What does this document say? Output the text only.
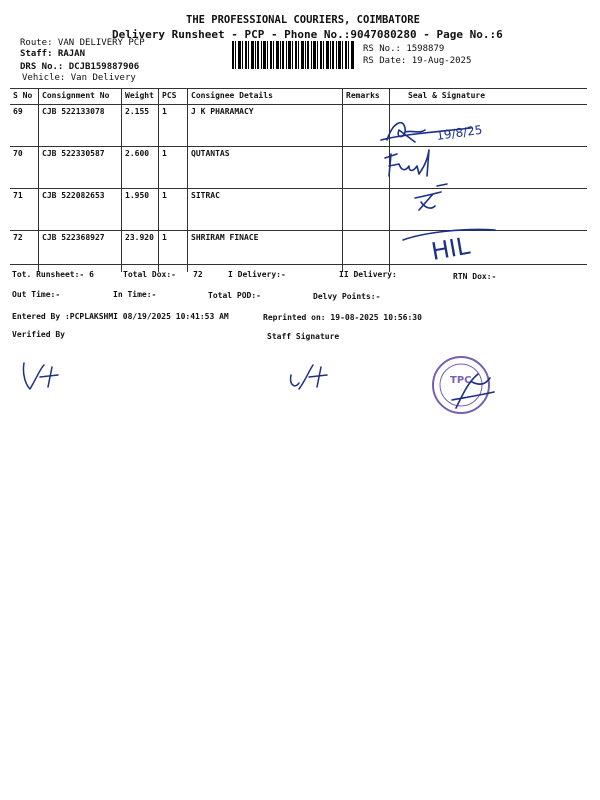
THE PROFESSIONAL COURIERS, COIMBATORE
Delivery Runsheet - PCP - Phone No.:9047080280 - Page No.:6
Route: VAN DELIVERY PCP
Staff: RAJAN
DRS No.: DCJB159887906
Vehicle: Van Delivery
RS No.: 1598879
RS Date: 19-Aug-2025
S No	Consignment No	Weight	PCS	Consignee Details	Remarks	Seal & Signature
69	CJB 522133078	2.155	1	J K PHARAMACY		
70	CJB 522330587	2.600	1	QUTANTAS		
71	CJB 522082653	1.950	1	SITRAC		
72	CJB 522368927	23.920	1	SHRIRAM FINACE		
19/8/25
HIL
Tot. Runsheet:- 6	Total Dox:- 72	I Delivery:-	II Delivery:	RTN Dox:-
Out Time:-	In Time:-	Total POD:-	Delvy Points:-
Entered By :PCPLAKSHMI 08/19/2025 10:41:53 AM	Reprinted on: 19-08-2025 10:56:30
Verified By	Staff Signature
TPC
